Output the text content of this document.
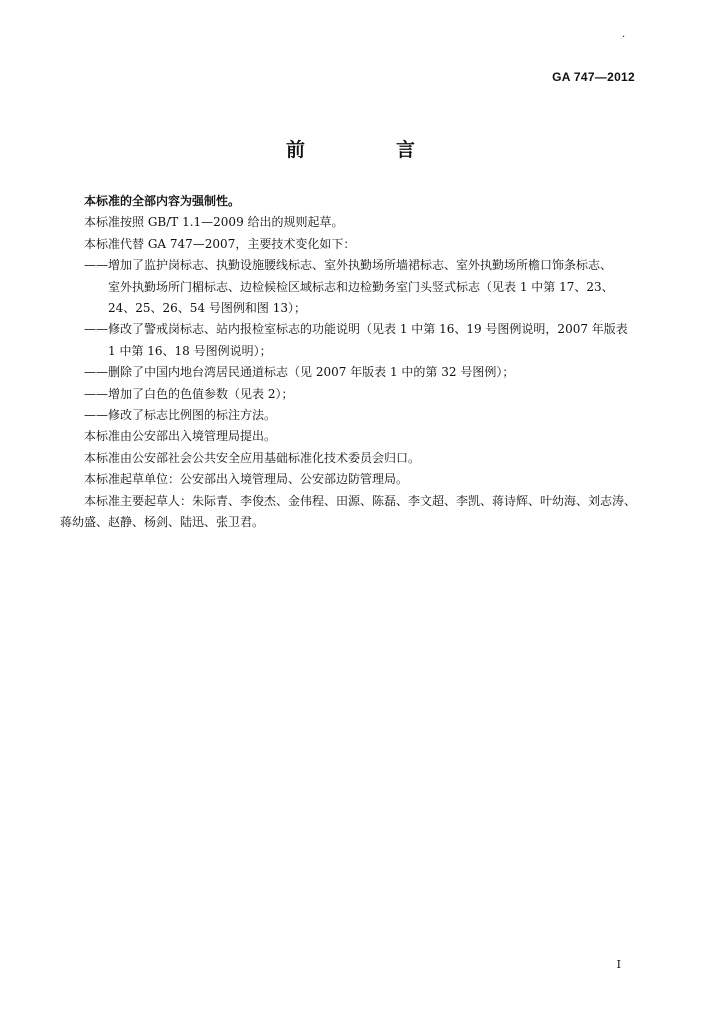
.
GA 747—2012
前　言

本标准的全部内容为强制性。

本标准按照 GB/T 1.1—2009 给出的规则起草。

本标准代替 GA 747—2007，主要技术变化如下：

——增加了监护岗标志、执勤设施腰线标志、室外执勤场所墙裙标志、室外执勤场所檐口饰条标志、

室外执勤场所门楣标志、边检候检区域标志和边检勤务室门头竖式标志（见表 1 中第 17、23、

24、25、26、54 号图例和图 13）；

——修改了警戒岗标志、站内报检室标志的功能说明（见表 1 中第 16、19 号图例说明，2007 年版表

1 中第 16、18 号图例说明）；

——删除了中国内地台湾居民通道标志（见 2007 年版表 1 中的第 32 号图例）；

——增加了白色的色值参数（见表 2）；

——修改了标志比例图的标注方法。

本标准由公安部出入境管理局提出。

本标准由公安部社会公共安全应用基础标准化技术委员会归口。

本标准起草单位：公安部出入境管理局、公安部边防管理局。

本标准主要起草人：朱际青、李俊杰、金伟程、田源、陈磊、李文超、李凯、蒋诗辉、叶幼海、刘志涛、

蒋幼盛、赵静、杨剑、陆迅、张卫君。

I
